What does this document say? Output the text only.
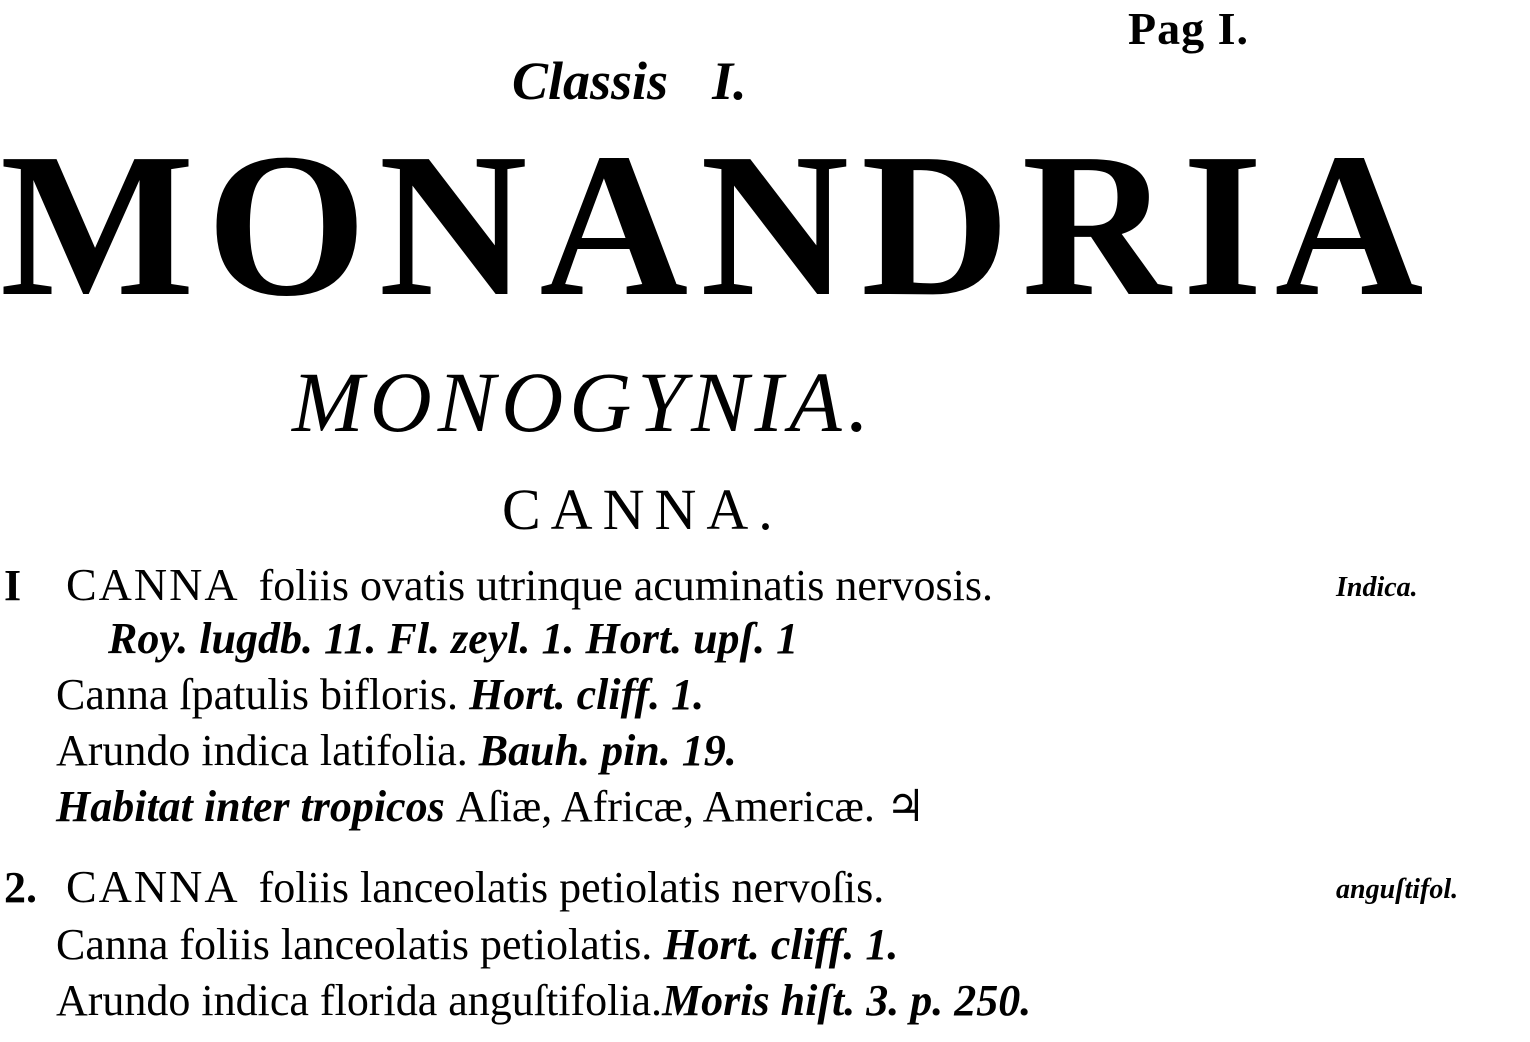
Pag I.
Classis I.
MONANDRIA
MONOGYNIA.
CANNA.
I CANNA foliis ovatis utrinque acuminatis nervosis.	Indica.
Roy. lugdb. 11. Fl. zeyl. 1. Hort. upſ. 1
Canna ſpatulis bifloris. Hort. cliff. 1.
Arundo indica latifolia. Bauh. pin. 19.
Habitat inter tropicos Aſiæ, Africæ, Americæ. ♃
2. CANNA foliis lanceolatis petiolatis nervoſis.	anguſtifol.
Canna foliis lanceolatis petiolatis. Hort. cliff. 1.
Arundo indica florida anguſtifolia.Moris hiſt. 3. p. 250.
